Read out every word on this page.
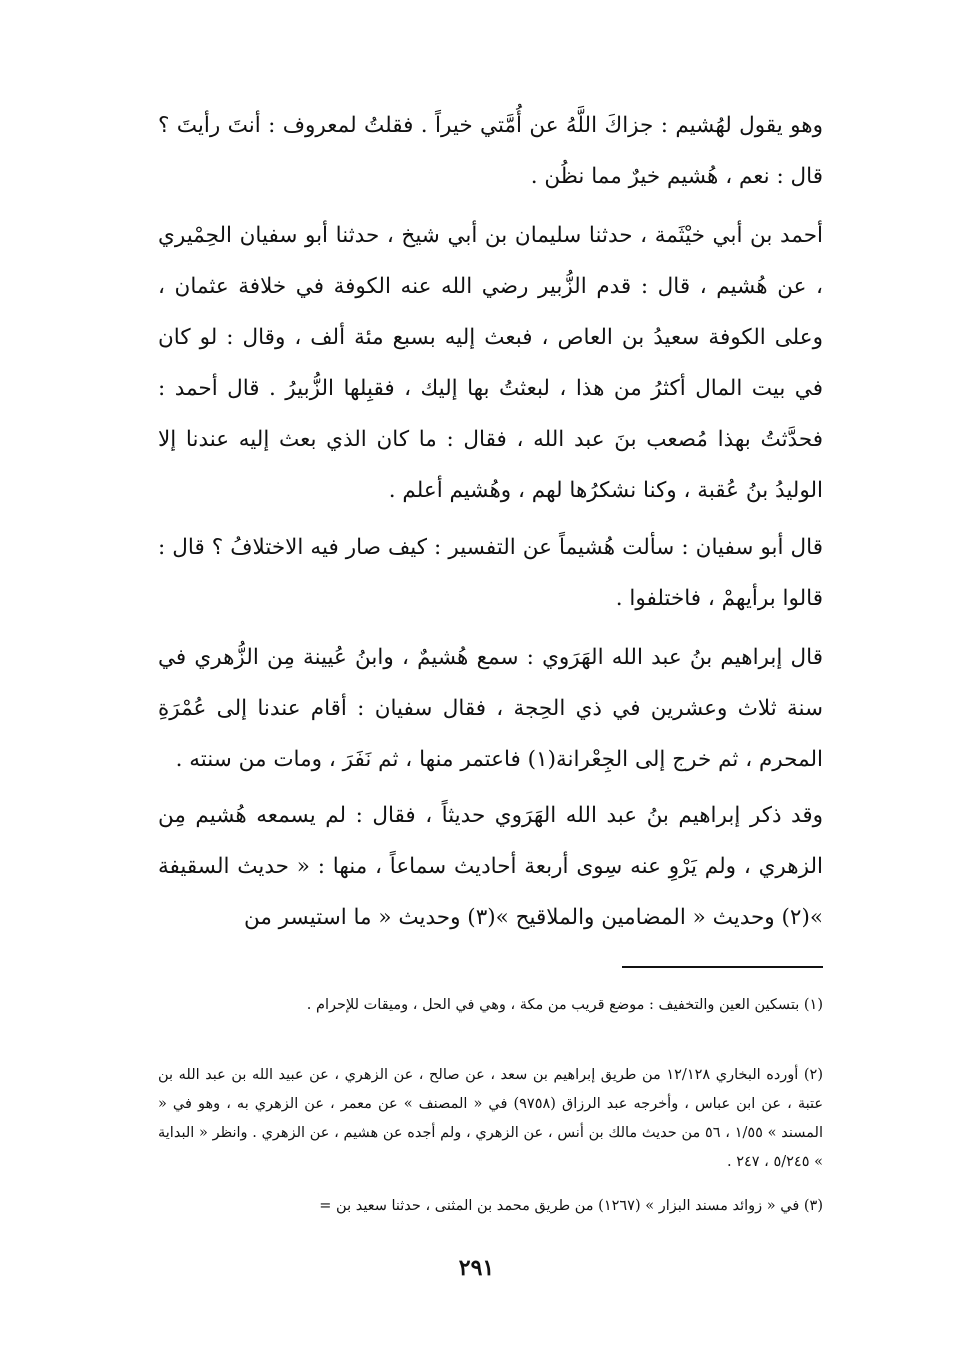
وهو يقول لهُشيم : جزاكَ اللَّهُ عن أُمَّتي خيراً . فقلتُ لمعروف : أنتَ رأيتَ ؟ قال : نعم ، هُشيم خيرٌ مما نظُن .

أحمد بن أبي خيْثَمة ، حدثنا سليمان بن أبي شيخ ، حدثنا أبو سفيان الحِمْيري ، عن هُشيم ، قال : قدم الزُّبير رضي الله عنه الكوفة في خلافة عثمان ، وعلى الكوفة سعيدُ بن العاص ، فبعث إليه بسبع مئة ألف ، وقال : لو كان في بيت المال أكثرُ من هذا ، لبعثتُ بها إليك ، فقبِلها الزُّبيرُ . قال أحمد : فحدَّثتُ بهذا مُصعب بنَ عبد الله ، فقال : ما كان الذي بعث إليه عندنا إلا الوليدُ بنُ عُقبة ، وكنا نشكرُها لهم ، وهُشيم أعلم .

قال أبو سفيان : سألت هُشيماً عن التفسير : كيف صار فيه الاختلافُ ؟ قال : قالوا برأيهمْ ، فاختلفوا .

قال إبراهيم بنُ عبد الله الهَرَوي : سمع هُشيمٌ ، وابنُ عُيينة مِن الزُّهري في سنة ثلاث وعشرين في ذي الحِجة ، فقال سفيان : أقام عندنا إلى عُمْرَةِ المحرم ، ثم خرج إلى الجِعْرانة(١) فاعتمر منها ، ثم نَفَرَ ، ومات من سنته .

وقد ذكر إبراهيم بنُ عبد الله الهَرَوي حديثاً ، فقال : لم يسمعه هُشيم مِن الزهري ، ولم يَرْوِ عنه سِوى أربعة أحاديث سماعاً ، منها : « حديث السقيفة »(٢) وحديث « المضامين والملاقيح »(٣) وحديث « ما استيسر من

(١) بتسكين العين والتخفيف : موضع قريب من مكة ، وهي في الحل ، وميقات للإحرام .

(٢) أورده البخاري ١٢/١٢٨ من طريق إبراهيم بن سعد ، عن صالح ، عن الزهري ، عن عبيد الله بن عبد الله بن عتبة ، عن ابن عباس ، وأخرجه عبد الرزاق (٩٧٥٨) في « المصنف » عن معمر ، عن الزهري به ، وهو في « المسند » ١/٥٥ ، ٥٦ من حديث مالك بن أنس ، عن الزهري ، ولم أجده عن هشيم ، عن الزهري . وانظر « البداية » ٥/٢٤٥ ، ٢٤٧ .

(٣) في « زوائد مسند البزار » (١٢٦٧) من طريق محمد بن المثنى ، حدثنا سعيد بن =

٢٩١
